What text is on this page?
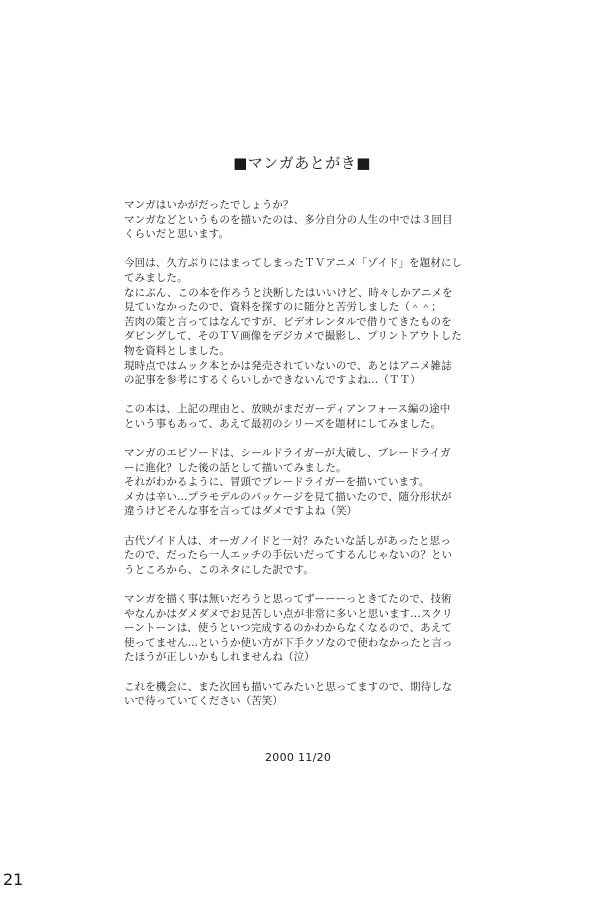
■マンガあとがき■
マンガはいかがだったでしょうか？
マンガなどというものを描いたのは、多分自分の人生の中では３回目
くらいだと思います。
今回は、久方ぶりにはまってしまったＴＶアニメ「ゾイド」を題材にし
てみました。
なにぶん、この本を作ろうと決断したはいいけど、時々しかアニメを
見ていなかったので、資料を探すのに随分と苦労しました（＾＾；
苦肉の策と言ってはなんですが、ビデオレンタルで借りてきたものを
ダビングして、そのＴＶ画像をデジカメで撮影し、プリントアウトした
物を資料としました。
現時点ではムック本とかは発売されていないので、あとはアニメ雑誌
の記事を参考にするくらいしかできないんですよね…（ＴＴ）
この本は、上記の理由と、放映がまだガーディアンフォース編の途中
という事もあって、あえて最初のシリーズを題材にしてみました。
マンガのエピソードは、シールドライガーが大破し、ブレードライガ
ーに進化？した後の話として描いてみました。
それがわかるように、冒頭でブレードライガーを描いています。
メカは辛い…プラモデルのパッケージを見て描いたので、随分形状が
違うけどそんな事を言ってはダメですよね（笑）
古代ゾイド人は、オーガノイドと一対？みたいな話しがあったと思っ
たので、だったら一人エッチの手伝いだってするんじゃないの？とい
うところから、このネタにした訳です。
マンガを描く事は無いだろうと思ってずーーーっときてたので、技術
やなんかはダメダメでお見苦しい点が非常に多いと思います…スクリ
ーントーンは、使うといつ完成するのかわからなくなるので、あえて
使ってません…というか使い方が下手クソなので使わなかったと言っ
たほうが正しいかもしれませんね（泣）
これを機会に、また次回も描いてみたいと思ってますので、期待しな
いで待っていてください（苦笑）
2000 11/20
21
